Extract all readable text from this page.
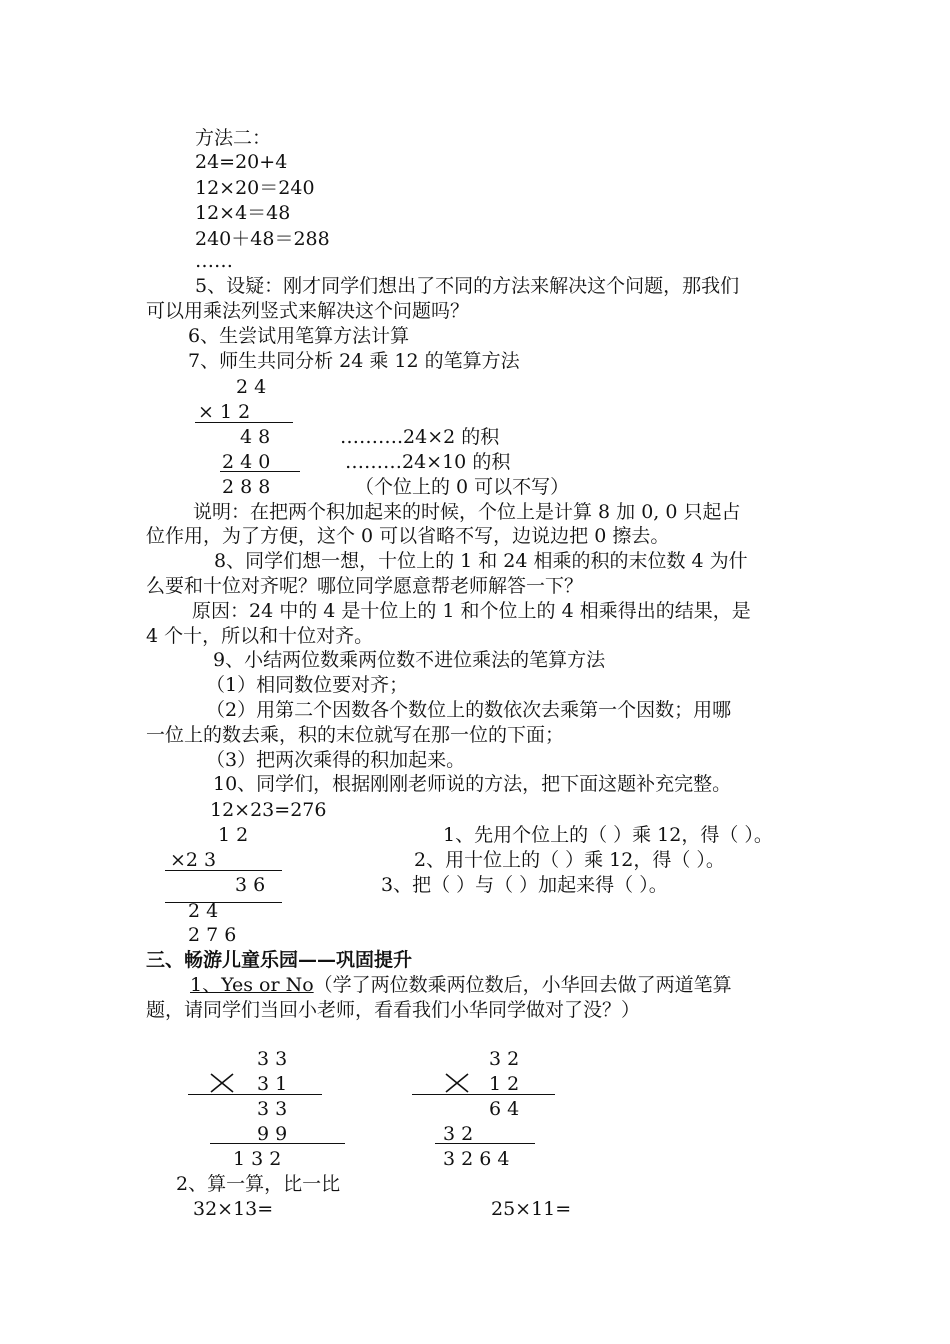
方法二：
24=20+4
12×20＝240
12×4＝48
240＋48＝288
……
5、设疑：刚才同学们想出了不同的方法来解决这个问题，那我们
可以用乘法列竖式来解决这个问题吗？
6、生尝试用笔算方法计算
7、师生共同分析 24 乘 12 的笔算方法
2 4
× 1 2
4 8	……….24×2 的积
2 4 0	………24×10 的积
2 8 8	（个位上的 0 可以不写）
说明：在把两个积加起来的时候，个位上是计算 8 加 0, 0 只起占
位作用，为了方便，这个 0 可以省略不写，边说边把 0 擦去。
8、同学们想一想，十位上的 1 和 24 相乘的积的末位数 4 为什
么要和十位对齐呢？哪位同学愿意帮老师解答一下？
原因：24 中的 4 是十位上的 1 和个位上的 4 相乘得出的结果，是
4 个十，所以和十位对齐。
9、小结两位数乘两位数不进位乘法的笔算方法
（1）相同数位要对齐；
（2）用第二个因数各个数位上的数依次去乘第一个因数；用哪
一位上的数去乘，积的末位就写在那一位的下面；
（3）把两次乘得的积加起来。
10、同学们，根据刚刚老师说的方法，把下面这题补充完整。
12×23=276
1 2
×2 3
3 6
2 4
2 7 6
1、先用个位上的（ ）乘 12，得（ ）。
2、用十位上的（ ）乘 12，得（ ）。
3、把（ ）与（ ）加起来得（ ）。
三、畅游儿童乐园——巩固提升
1、Yes or No（学了两位数乘两位数后，小华回去做了两道笔算
题，请同学们当回小老师，看看我们小华同学做对了没？）
3 3
3 1
3 3
9 9
1 3 2
3 2
1 2
6 4
3 2
3 2 6 4
2、算一算，比一比
32×13=	25×11=
